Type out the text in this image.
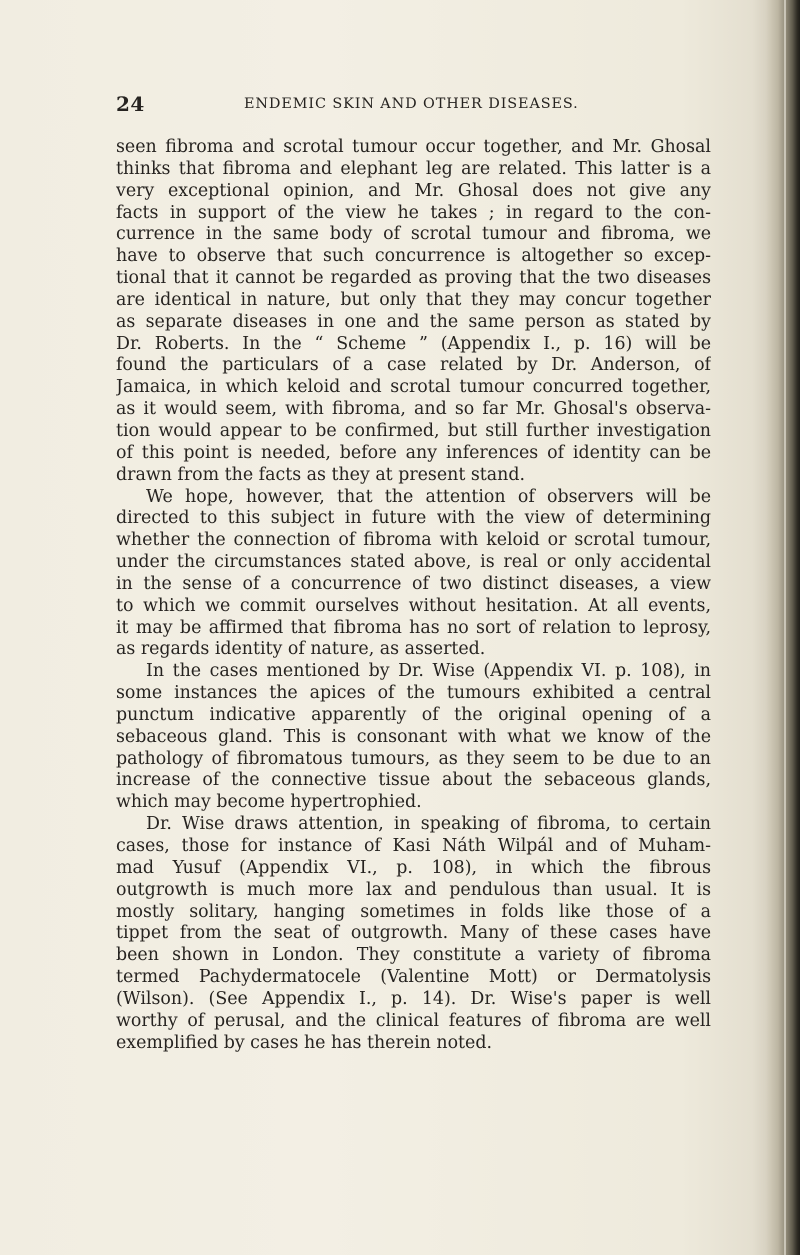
24	ENDEMIC SKIN AND OTHER DISEASES.
seen fibroma and scrotal tumour occur together, and Mr. Ghosal
thinks that fibroma and elephant leg are related. This latter is a
very exceptional opinion, and Mr. Ghosal does not give any
facts in support of the view he takes ; in regard to the con-
currence in the same body of scrotal tumour and fibroma, we
have to observe that such concurrence is altogether so excep-
tional that it cannot be regarded as proving that the two diseases
are identical in nature, but only that they may concur together
as separate diseases in one and the same person as stated by
Dr. Roberts. In the “ Scheme ” (Appendix I., p. 16) will be
found the particulars of a case related by Dr. Anderson, of
Jamaica, in which keloid and scrotal tumour concurred together,
as it would seem, with fibroma, and so far Mr. Ghosal's observa-
tion would appear to be confirmed, but still further investigation
of this point is needed, before any inferences of identity can be
drawn from the facts as they at present stand.
We hope, however, that the attention of observers will be
directed to this subject in future with the view of determining
whether the connection of fibroma with keloid or scrotal tumour,
under the circumstances stated above, is real or only accidental
in the sense of a concurrence of two distinct diseases, a view
to which we commit ourselves without hesitation. At all events,
it may be affirmed that fibroma has no sort of relation to leprosy,
as regards identity of nature, as asserted.
In the cases mentioned by Dr. Wise (Appendix VI. p. 108), in
some instances the apices of the tumours exhibited a central
punctum indicative apparently of the original opening of a
sebaceous gland. This is consonant with what we know of the
pathology of fibromatous tumours, as they seem to be due to an
increase of the connective tissue about the sebaceous glands,
which may become hypertrophied.
Dr. Wise draws attention, in speaking of fibroma, to certain
cases, those for instance of Kasi Náth Wilpál and of Muham-
mad Yusuf (Appendix VI., p. 108), in which the fibrous
outgrowth is much more lax and pendulous than usual. It is
mostly solitary, hanging sometimes in folds like those of a
tippet from the seat of outgrowth. Many of these cases have
been shown in London. They constitute a variety of fibroma
termed Pachydermatocele (Valentine Mott) or Dermatolysis
(Wilson). (See Appendix I., p. 14). Dr. Wise's paper is well
worthy of perusal, and the clinical features of fibroma are well
exemplified by cases he has therein noted.
